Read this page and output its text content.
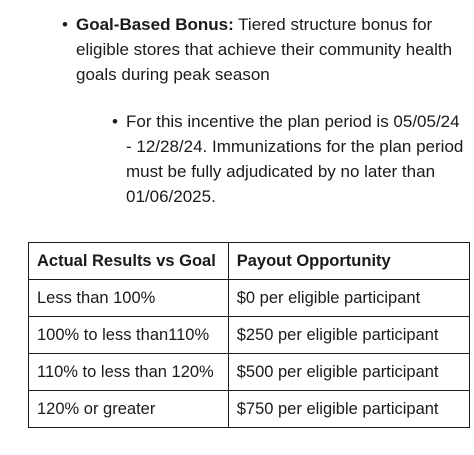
• Goal-Based Bonus: Tiered structure bonus for eligible stores that achieve their community health goals during peak season
• For this incentive the plan period is 05/05/24 - 12/28/24. Immunizations for the plan period must be fully adjudicated by no later than 01/06/2025.
Actual Results vs Goal	Payout Opportunity
Less than 100%	$0 per eligible participant
100% to less than110%	$250 per eligible participant
110% to less than 120%	$500 per eligible participant
120% or greater	$750 per eligible participant
